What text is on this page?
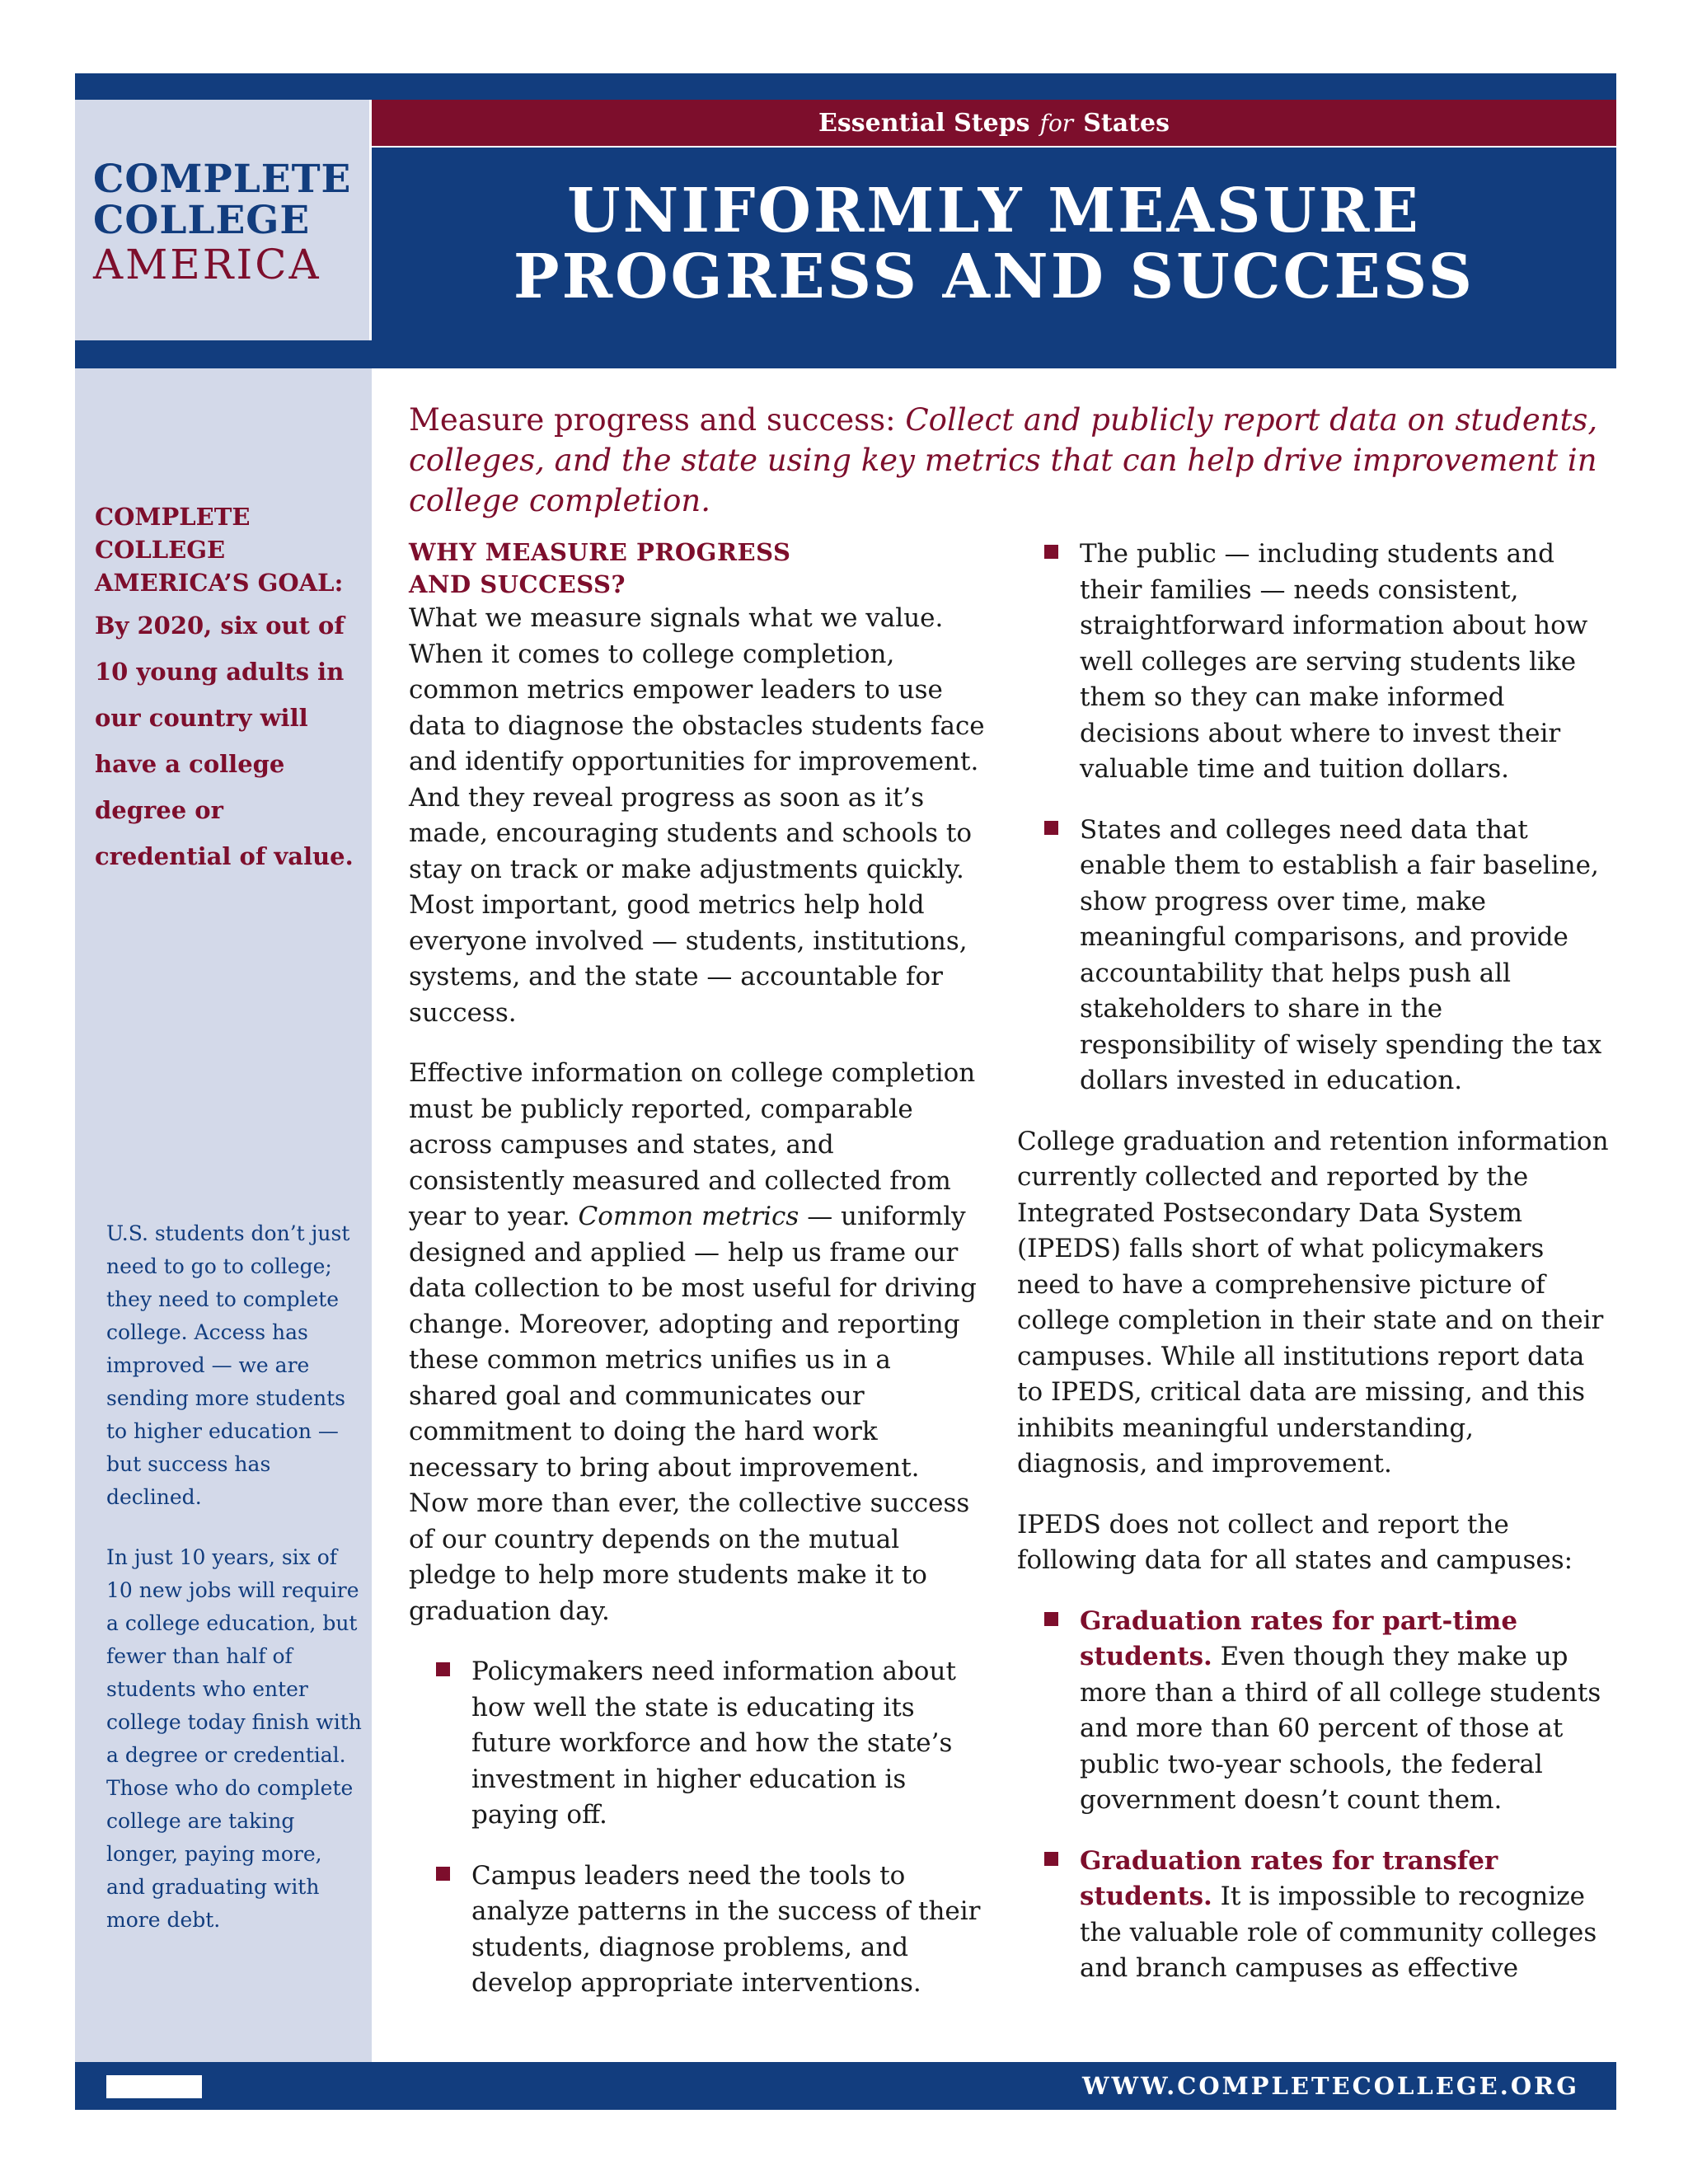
COMPLETE
COLLEGE
AMERICA
Essential Steps for States
UNIFORMLY MEASURE
PROGRESS AND SUCCESS
COMPLETE COLLEGE AMERICA’S GOAL:
By 2020, six out of 10 young adults in our country will have a college degree or credential of value.
U.S. students don’t just need to go to college; they need to complete college. Access has improved — we are sending more students to higher education — but success has declined.
In just 10 years, six of 10 new jobs will require a college education, but fewer than half of students who enter college today finish with a degree or credential. Those who do complete college are taking longer, paying more, and graduating with more debt.
Measure progress and success: Collect and publicly report data on students, colleges, and the state using key metrics that can help drive improvement in college completion.
WHY MEASURE PROGRESS
AND SUCCESS?

What we measure signals what we value. When it comes to college completion, common metrics empower leaders to use data to diagnose the obstacles students face and identify opportunities for improvement. And they reveal progress as soon as it’s made, encouraging students and schools to stay on track or make adjustments quickly. Most important, good metrics help hold everyone involved — students, institutions, systems, and the state — accountable for success.

Effective information on college completion must be publicly reported, comparable across campuses and states, and consistently measured and collected from year to year. Common metrics — uniformly designed and applied — help us frame our data collection to be most useful for driving change. Moreover, adopting and reporting these common metrics unifies us in a shared goal and communicates our commitment to doing the hard work necessary to bring about improvement. Now more than ever, the collective success of our country depends on the mutual pledge to help more students make it to graduation day.

Policymakers need information about how well the state is educating its future workforce and how the state’s investment in higher education is paying off.
Campus leaders need the tools to analyze patterns in the success of their students, diagnose problems, and develop appropriate interventions.
The public — including students and their families — needs consistent, straightforward information about how well colleges are serving students like them so they can make informed decisions about where to invest their valuable time and tuition dollars.
States and colleges need data that enable them to establish a fair baseline, show progress over time, make meaningful comparisons, and provide accountability that helps push all stakeholders to share in the responsibility of wisely spending the tax dollars invested in education.

College graduation and retention information currently collected and reported by the Integrated Postsecondary Data System (IPEDS) falls short of what policymakers need to have a comprehensive picture of college completion in their state and on their campuses. While all institutions report data to IPEDS, critical data are missing, and this inhibits meaningful understanding, diagnosis, and improvement.

IPEDS does not collect and report the following data for all states and campuses:

Graduation rates for part-time students. Even though they make up more than a third of all college students and more than 60 percent of those at public two-year schools, the federal government doesn’t count them.
Graduation rates for transfer students. It is impossible to recognize the valuable role of community colleges and branch campuses as effective
WWW.COMPLETECOLLEGE.ORG
